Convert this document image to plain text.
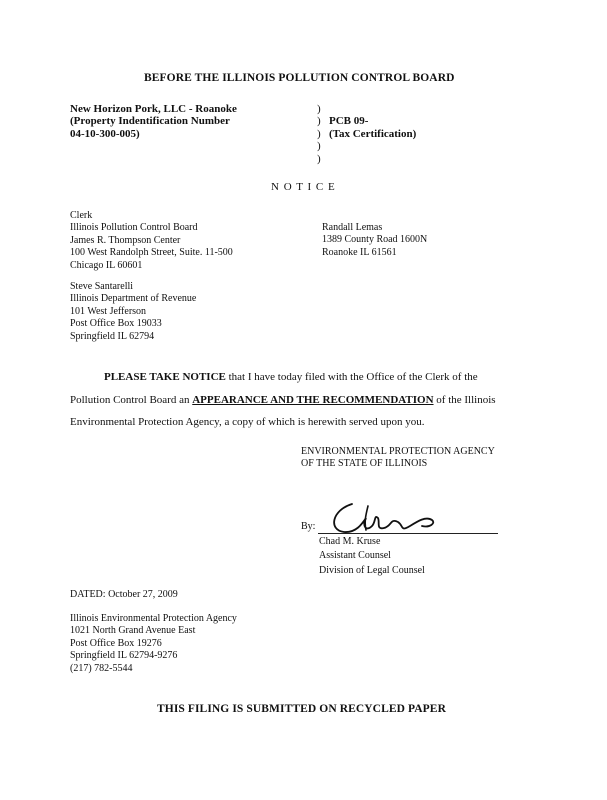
BEFORE THE ILLINOIS POLLUTION CONTROL BOARD
New Horizon Pork, LLC - Roanoke
(Property Indentification Number
04-10-300-005)
)
)
)
)
)
PCB 09-
(Tax Certification)
N O T I C E
Clerk
Illinois Pollution Control Board
James R. Thompson Center
100 West Randolph Street, Suite. 11-500
Chicago IL 60601
Randall Lemas
1389 County Road 1600N
Roanoke IL 61561
Steve Santarelli
Illinois Department of Revenue
101 West Jefferson
Post Office Box 19033
Springfield IL 62794
PLEASE TAKE NOTICE that I have today filed with the Office of the Clerk of the
Pollution Control Board an APPEARANCE AND THE RECOMMENDATION of the Illinois
Environmental Protection Agency, a copy of which is herewith served upon you.
ENVIRONMENTAL PROTECTION AGENCY
OF THE STATE OF ILLINOIS
By:
Chad M. Kruse
Assistant Counsel
Division of Legal Counsel
DATED: October 27, 2009
Illinois Environmental Protection Agency
1021 North Grand Avenue East
Post Office Box 19276
Springfield IL 62794-9276
(217) 782-5544
THIS FILING IS SUBMITTED ON RECYCLED PAPER
